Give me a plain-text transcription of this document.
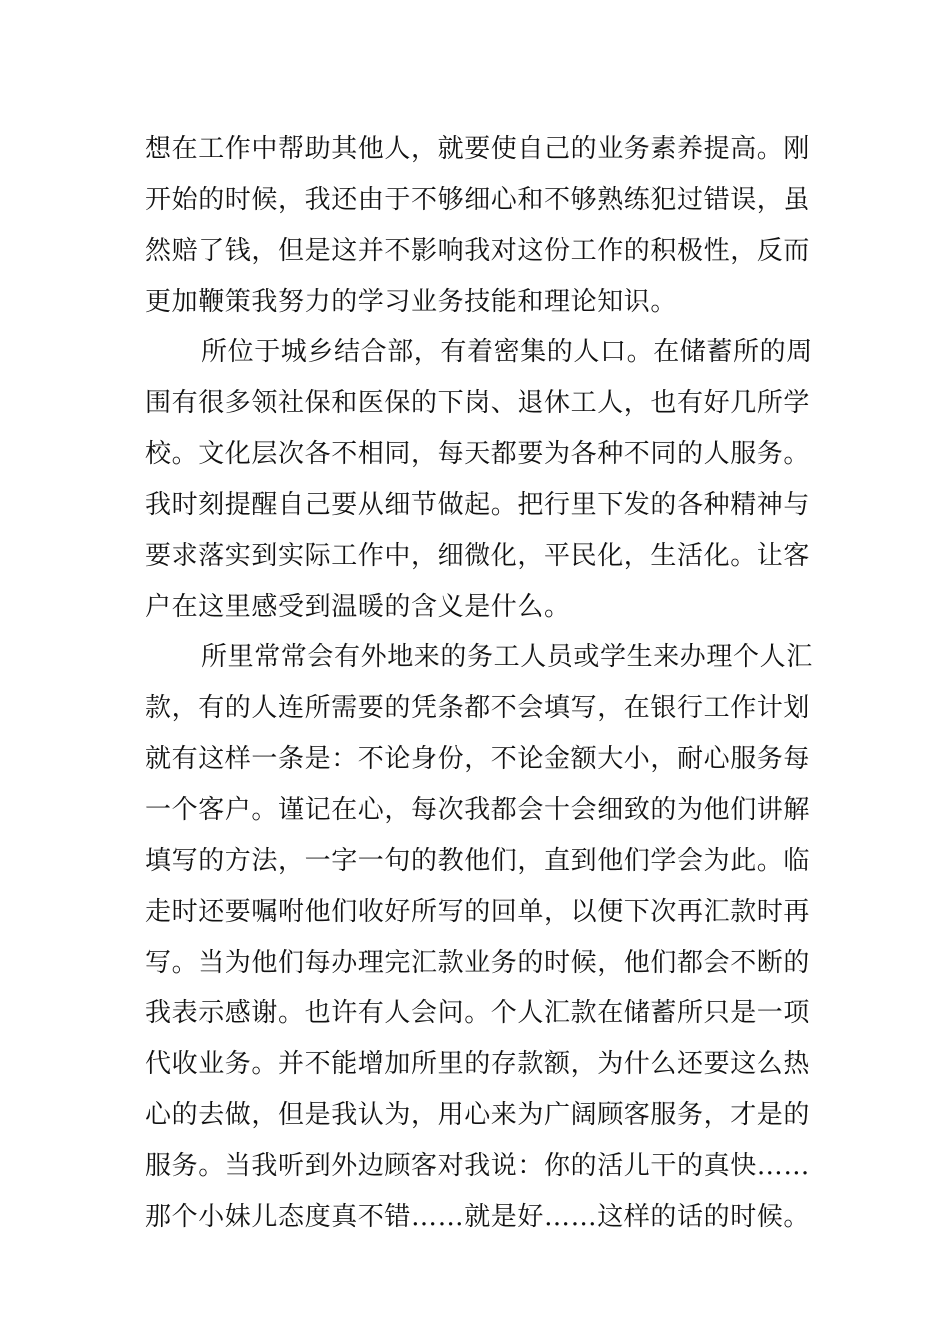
想在工作中帮助其他人，就要使自己的业务素养提高。刚
开始的时候，我还由于不够细心和不够熟练犯过错误，虽
然赔了钱，但是这并不影响我对这份工作的积极性，反而
更加鞭策我努力的学习业务技能和理论知识。
所位于城乡结合部，有着密集的人口。在储蓄所的周
围有很多领社保和医保的下岗、退休工人，也有好几所学
校。文化层次各不相同，每天都要为各种不同的人服务。
我时刻提醒自己要从细节做起。把行里下发的各种精神与
要求落实到实际工作中，细微化，平民化，生活化。让客
户在这里感受到温暖的含义是什么。
所里常常会有外地来的务工人员或学生来办理个人汇
款，有的人连所需要的凭条都不会填写，在银行工作计划
就有这样一条是：不论身份，不论金额大小，耐心服务每
一个客户。谨记在心，每次我都会十会细致的为他们讲解
填写的方法，一字一句的教他们，直到他们学会为此。临
走时还要嘱咐他们收好所写的回单，以便下次再汇款时再
写。当为他们每办理完汇款业务的时候，他们都会不断的
我表示感谢。也许有人会问。个人汇款在储蓄所只是一项
代收业务。并不能增加所里的存款额，为什么还要这么热
心的去做，但是我认为，用心来为广阔顾客服务，才是的
服务。当我听到外边顾客对我说：你的活儿干的真快……
那个小妹儿态度真不错……就是好……这样的话的时候。
